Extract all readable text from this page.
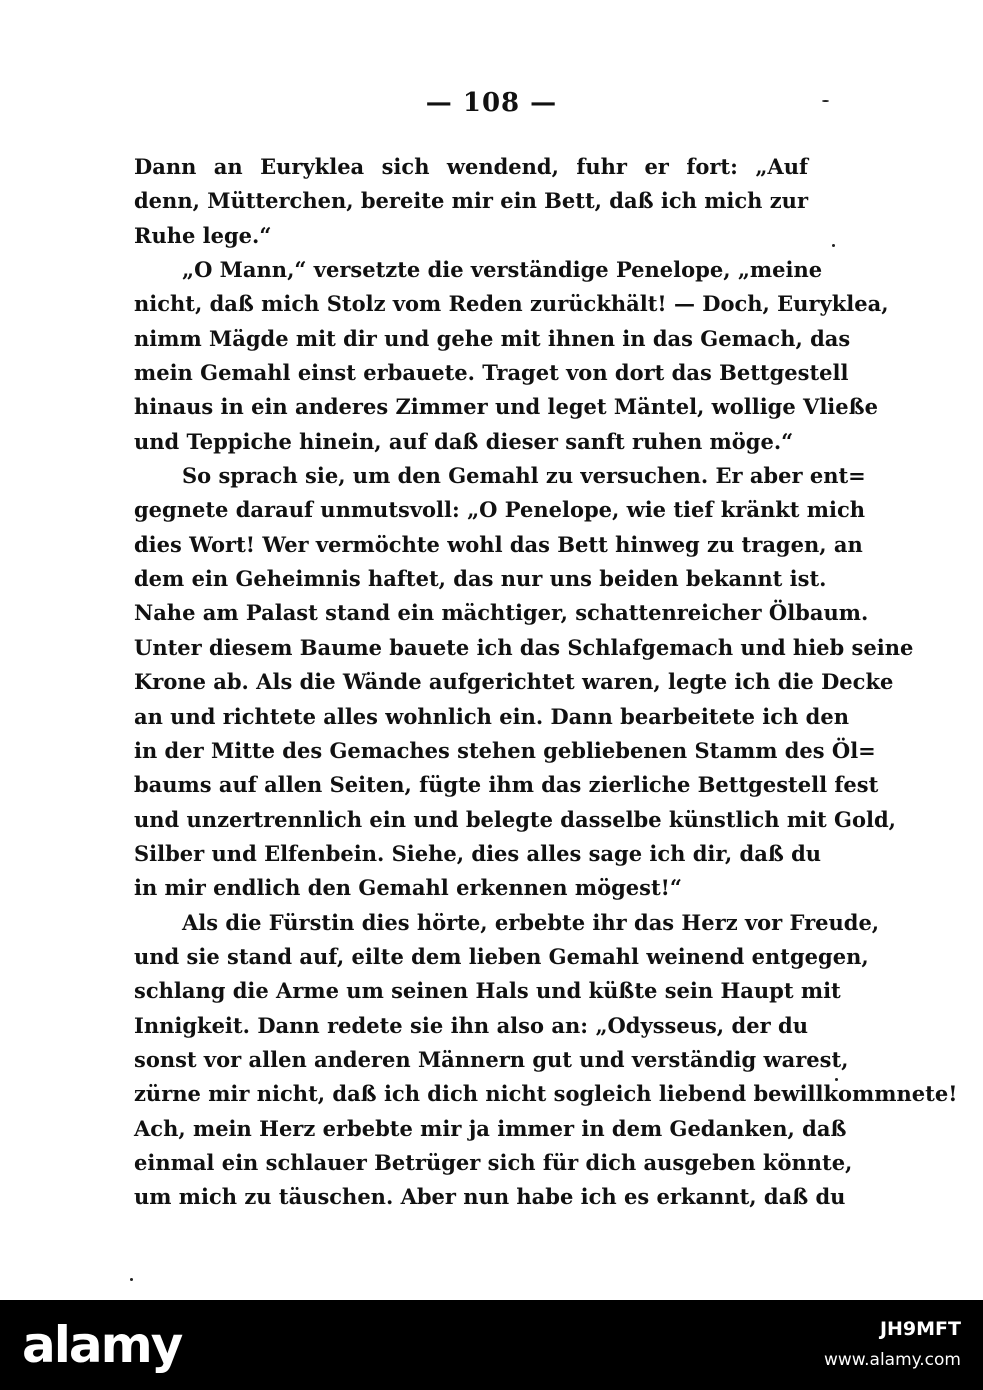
— 108 —
Dann an Euryklea sich wendend, fuhr er fort: „Auf
denn, Mütterchen, bereite mir ein Bett, daß ich mich zur
Ruhe lege.“
„O Mann,“ versetzte die verständige Penelope, „meine
nicht, daß mich Stolz vom Reden zurückhält! — Doch, Euryklea,
nimm Mägde mit dir und gehe mit ihnen in das Gemach, das
mein Gemahl einst erbauete. Traget von dort das Bettgestell
hinaus in ein anderes Zimmer und leget Mäntel, wollige Vließe
und Teppiche hinein, auf daß dieser sanft ruhen möge.“
So sprach sie, um den Gemahl zu versuchen. Er aber ent=
gegnete darauf unmutsvoll: „O Penelope, wie tief kränkt mich
dies Wort! Wer vermöchte wohl das Bett hinweg zu tragen, an
dem ein Geheimnis haftet, das nur uns beiden bekannt ist.
Nahe am Palast stand ein mächtiger, schattenreicher Ölbaum.
Unter diesem Baume bauete ich das Schlafgemach und hieb seine
Krone ab. Als die Wände aufgerichtet waren, legte ich die Decke
an und richtete alles wohnlich ein. Dann bearbeitete ich den
in der Mitte des Gemaches stehen gebliebenen Stamm des Öl=
baums auf allen Seiten, fügte ihm das zierliche Bettgestell fest
und unzertrennlich ein und belegte dasselbe künstlich mit Gold,
Silber und Elfenbein. Siehe, dies alles sage ich dir, daß du
in mir endlich den Gemahl erkennen mögest!“
Als die Fürstin dies hörte, erbebte ihr das Herz vor Freude,
und sie stand auf, eilte dem lieben Gemahl weinend entgegen,
schlang die Arme um seinen Hals und küßte sein Haupt mit
Innigkeit. Dann redete sie ihn also an: „Odysseus, der du
sonst vor allen anderen Männern gut und verständig warest,
zürne mir nicht, daß ich dich nicht sogleich liebend bewillkommnete!
Ach, mein Herz erbebte mir ja immer in dem Gedanken, daß
einmal ein schlauer Betrüger sich für dich ausgeben könnte,
um mich zu täuschen. Aber nun habe ich es erkannt, daß du
alamy	JH9MFT
www.alamy.com
